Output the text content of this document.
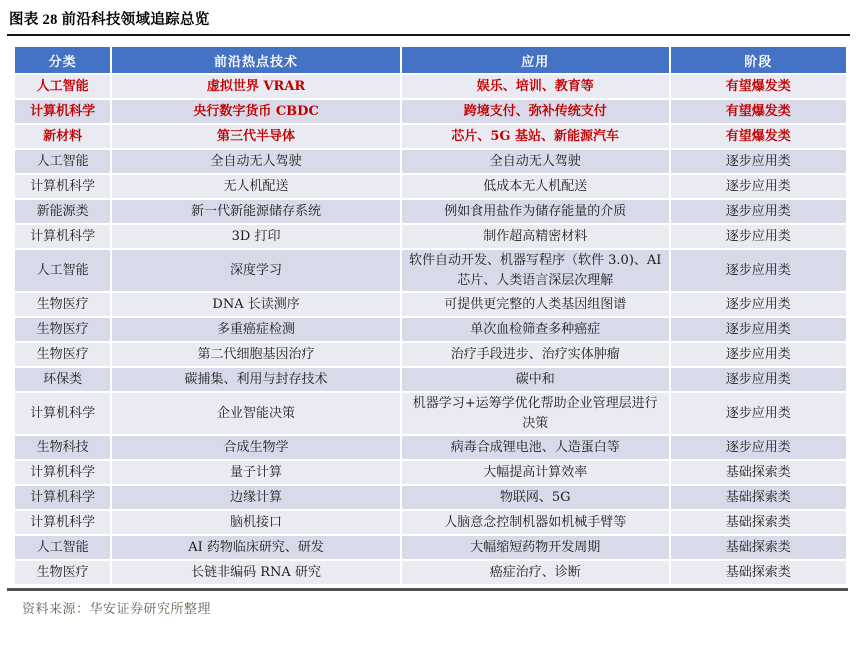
图表 28 前沿科技领域追踪总览
分类	前沿热点技术	应用	阶段
人工智能	虚拟世界 VRAR	娱乐、培训、教育等	有望爆发类
计算机科学	央行数字货币 CBDC	跨境支付、弥补传统支付	有望爆发类
新材料	第三代半导体	芯片、5G 基站、新能源汽车	有望爆发类
人工智能	全自动无人驾驶	全自动无人驾驶	逐步应用类
计算机科学	无人机配送	低成本无人机配送	逐步应用类
新能源类	新一代新能源储存系统	例如食用盐作为储存能量的介质	逐步应用类
计算机科学	3D 打印	制作超高精密材料	逐步应用类
人工智能	深度学习	软件自动开发、机器写程序（软件 3.0)、AI 芯片、人类语言深层次理解	逐步应用类
生物医疗	DNA 长读测序	可提供更完整的人类基因组图谱	逐步应用类
生物医疗	多重癌症检测	单次血检筛查多种癌症	逐步应用类
生物医疗	第二代细胞基因治疗	治疗手段进步、治疗实体肿瘤	逐步应用类
环保类	碳捕集、利用与封存技术	碳中和	逐步应用类
计算机科学	企业智能决策	机器学习+运筹学优化帮助企业管理层进行决策	逐步应用类
生物科技	合成生物学	病毒合成锂电池、人造蛋白等	逐步应用类
计算机科学	量子计算	大幅提高计算效率	基础探索类
计算机科学	边缘计算	物联网、5G	基础探索类
计算机科学	脑机接口	人脑意念控制机器如机械手臂等	基础探索类
人工智能	AI 药物临床研究、研发	大幅缩短药物开发周期	基础探索类
生物医疗	长链非编码 RNA 研究	癌症治疗、诊断	基础探索类
资料来源：华安证券研究所整理
